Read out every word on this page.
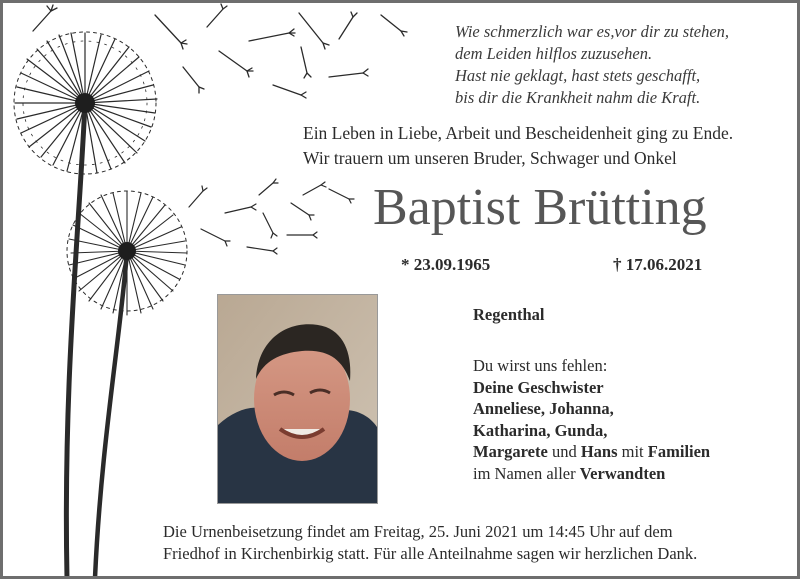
Wie schmerzlich war es,vor dir zu stehen,
dem Leiden hilflos zuzusehen.
Hast nie geklagt, hast stets geschafft,
bis dir die Krankheit nahm die Kraft.
Ein Leben in Liebe, Arbeit und Bescheidenheit ging zu Ende.
Wir trauern um unseren Bruder, Schwager und Onkel
Baptist Brütting
* 23.09.1965	† 17.06.2021
Regenthal
Du wirst uns fehlen:
Deine Geschwister
Anneliese, Johanna,
Katharina, Gunda,
Margarete und Hans mit Familien
im Namen aller Verwandten
Die Urnenbeisetzung findet am Freitag, 25. Juni 2021 um 14:45 Uhr auf dem
Friedhof in Kirchenbirkig statt. Für alle Anteilnahme sagen wir herzlichen Dank.
